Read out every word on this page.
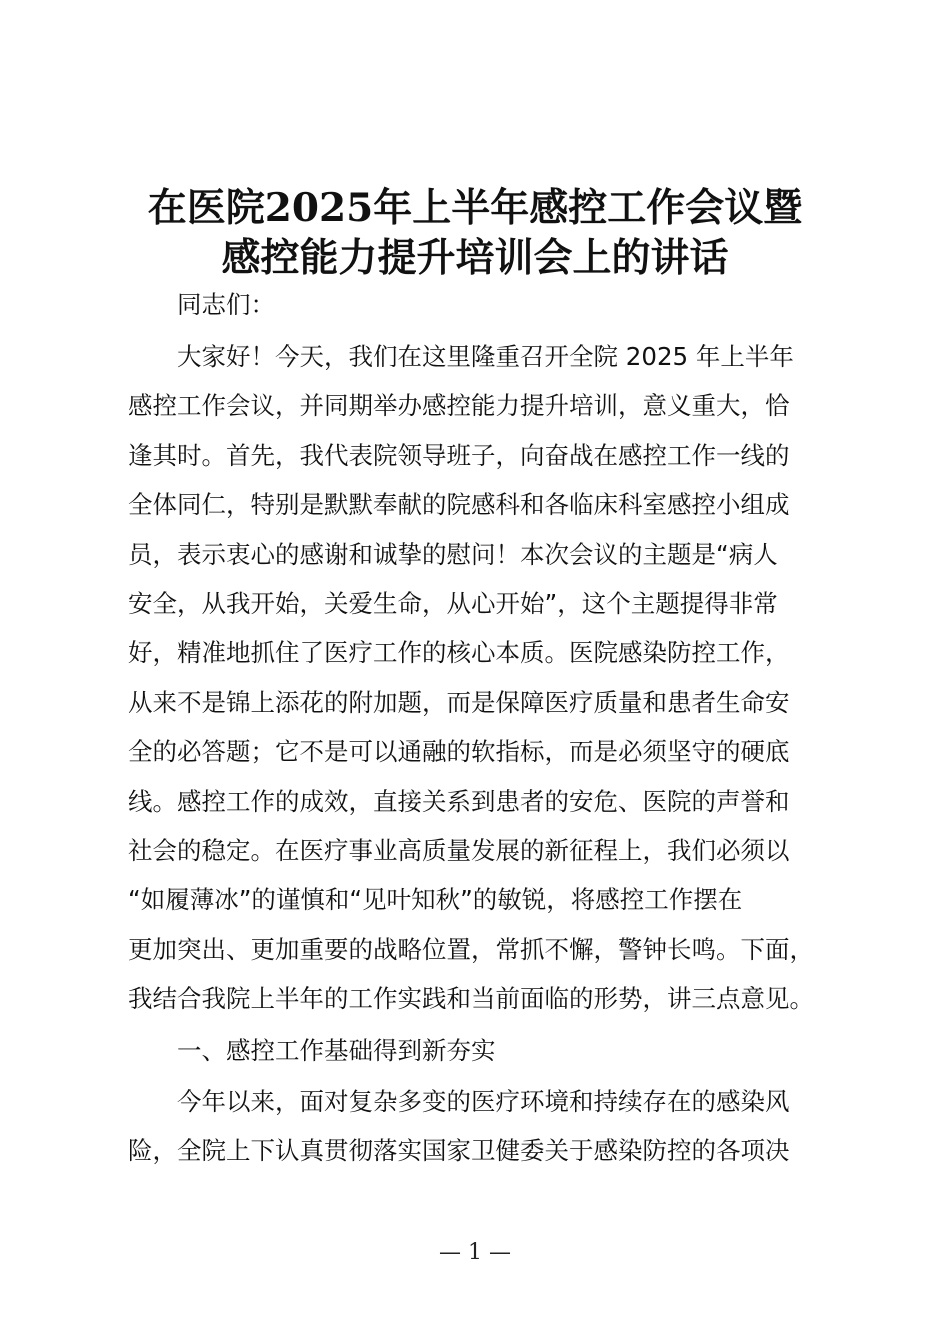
在医院2025年上半年感控工作会议暨
感控能力提升培训会上的讲话
同志们：
大家好！今天，我们在这里隆重召开全院 2025 年上半年
感控工作会议，并同期举办感控能力提升培训，意义重大，恰
逢其时。首先，我代表院领导班子，向奋战在感控工作一线的
全体同仁，特别是默默奉献的院感科和各临床科室感控小组成
员，表示衷心的感谢和诚挚的慰问！本次会议的主题是“病人
安全，从我开始，关爱生命，从心开始”，这个主题提得非常
好，精准地抓住了医疗工作的核心本质。医院感染防控工作，
从来不是锦上添花的附加题，而是保障医疗质量和患者生命安
全的必答题；它不是可以通融的软指标，而是必须坚守的硬底
线。感控工作的成效，直接关系到患者的安危、医院的声誉和
社会的稳定。在医疗事业高质量发展的新征程上，我们必须以
“如履薄冰”的谨慎和“见叶知秋”的敏锐，将感控工作摆在
更加突出、更加重要的战略位置，常抓不懈，警钟长鸣。下面，
我结合我院上半年的工作实践和当前面临的形势，讲三点意见。
一、感控工作基础得到新夯实
今年以来，面对复杂多变的医疗环境和持续存在的感染风
险，全院上下认真贯彻落实国家卫健委关于感染防控的各项决
— 1 —
